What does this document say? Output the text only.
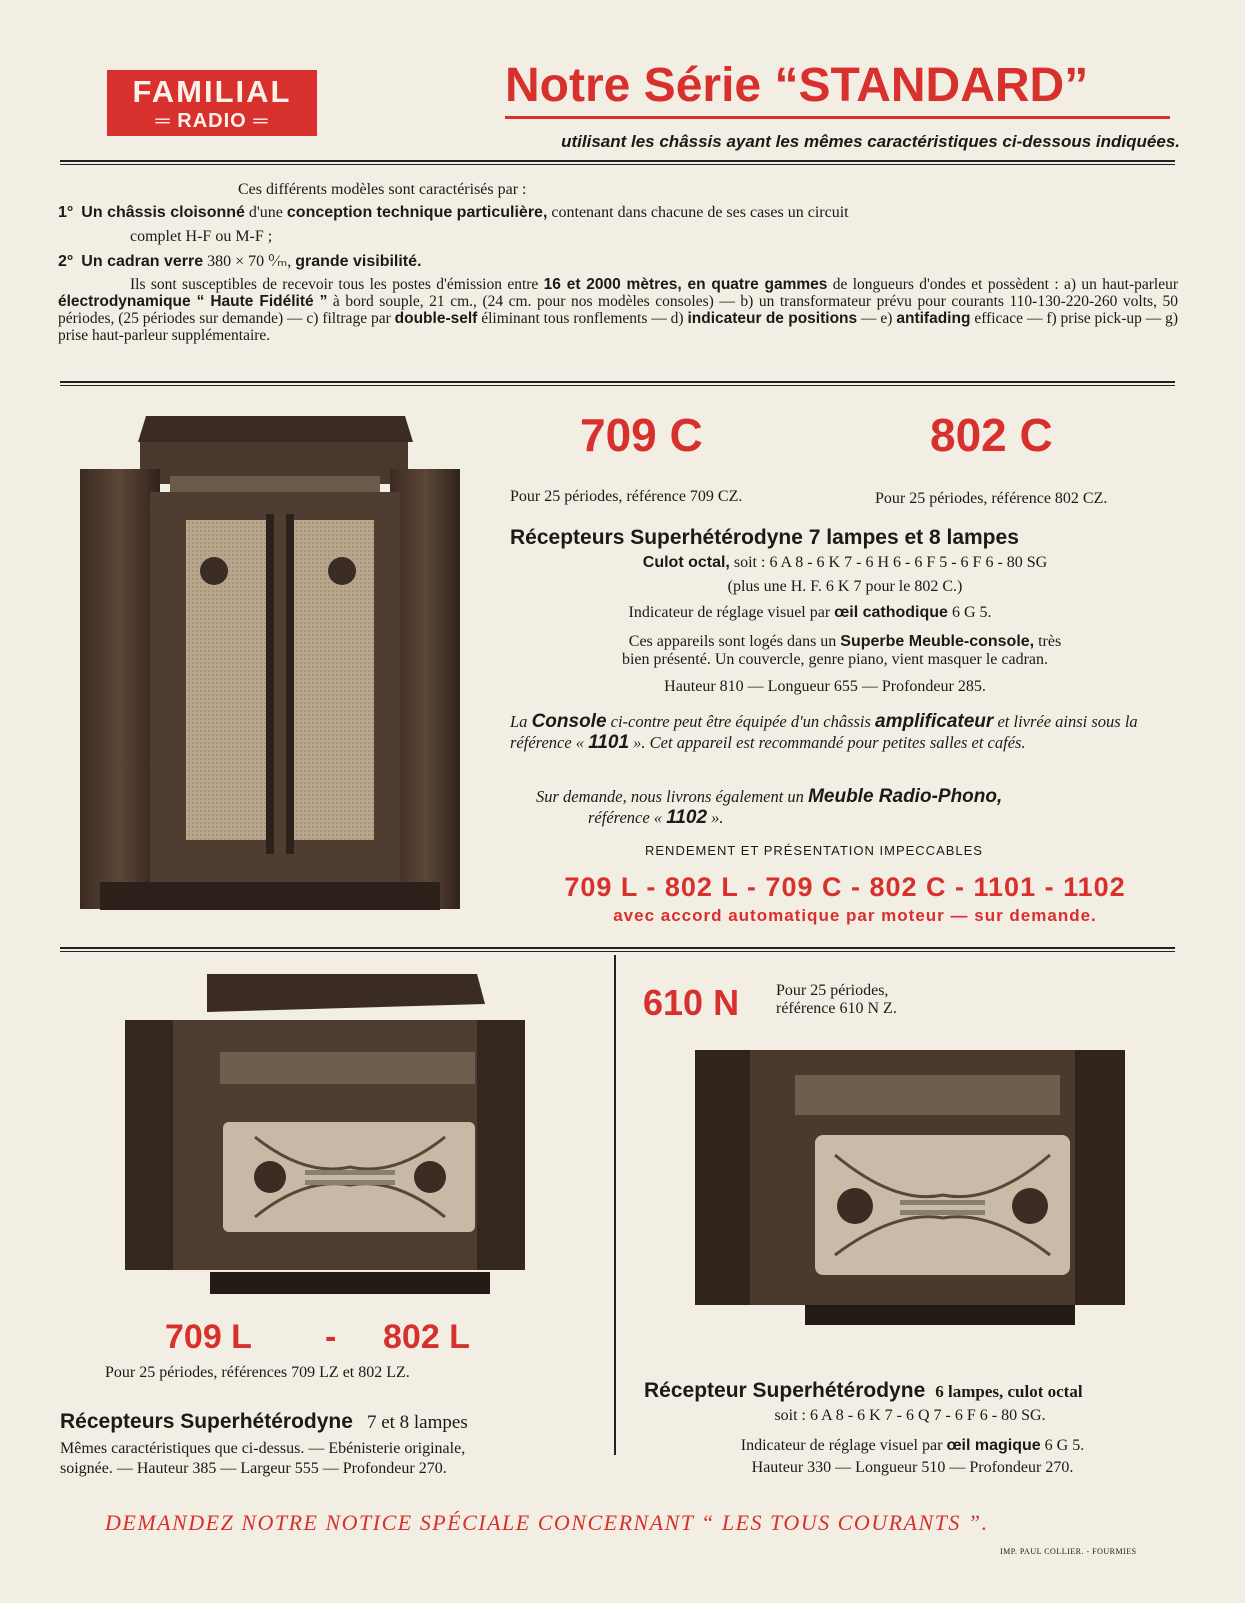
FAMILIAL
═ RADIO ═
Notre Série “STANDARD”
utilisant les châssis ayant les mêmes caractéristiques ci-dessous indiquées.
Ces différents modèles sont caractérisés par :
1° Un châssis cloisonné d'une conception technique particulière, contenant dans chacune de ses cases un circuit
complet H-F ou M-F ;
2° Un cadran verre 380 × 70 ⁰⁄ₘ, grande visibilité.
Ils sont susceptibles de recevoir tous les postes d'émission entre 16 et 2000 mètres, en quatre gammes de longueurs d'ondes et possèdent : a) un haut-parleur électrodynamique “ Haute Fidélité ” à bord souple, 21 cm., (24 cm. pour nos modèles consoles) — b) un transformateur prévu pour courants 110-130-220-260 volts, 50 périodes, (25 périodes sur demande) — c) filtrage par double-self éliminant tous ronflements — d) indicateur de positions — e) antifading efficace — f) prise pick-up — g) prise haut-parleur supplémentaire.
709 C	802 C
Pour 25 périodes, référence 709 CZ.	Pour 25 périodes, référence 802 CZ.
Récepteurs Superhétérodyne 7 lampes et 8 lampes
Culot octal, soit : 6 A 8 - 6 K 7 - 6 H 6 - 6 F 5 - 6 F 6 - 80 SG
(plus une H. F. 6 K 7 pour le 802 C.)
Indicateur de réglage visuel par œil cathodique 6 G 5.
Ces appareils sont logés dans un Superbe Meuble-console, très
bien présenté. Un couvercle, genre piano, vient masquer le cadran.
Hauteur 810 — Longueur 655 — Profondeur 285.
La Console ci-contre peut être équipée d'un châssis amplificateur et livrée ainsi sous la référence « 1101 ». Cet appareil est recommandé pour petites salles et cafés.
Sur demande, nous livrons également un Meuble Radio-Phono,
référence « 1102 ».
RENDEMENT ET PRÉSENTATION IMPECCABLES
709 L - 802 L - 709 C - 802 C - 1101 - 1102
avec accord automatique par moteur — sur demande.
709 L - 802 L
Pour 25 périodes, références 709 LZ et 802 LZ.
Récepteurs Superhétérodyne 7 et 8 lampes
Mêmes caractéristiques que ci-dessus. — Ebénisterie originale,
soignée. — Hauteur 385 — Largeur 555 — Profondeur 270.
610 N Pour 25 périodes,
référence 610 N Z.
Récepteur Superhétérodyne 6 lampes, culot octal
soit : 6 A 8 - 6 K 7 - 6 Q 7 - 6 F 6 - 80 SG.
Indicateur de réglage visuel par œil magique 6 G 5.
Hauteur 330 — Longueur 510 — Profondeur 270.
DEMANDEZ NOTRE NOTICE SPÉCIALE CONCERNANT “ LES TOUS COURANTS ”.
IMP. PAUL COLLIER. - FOURMIES
